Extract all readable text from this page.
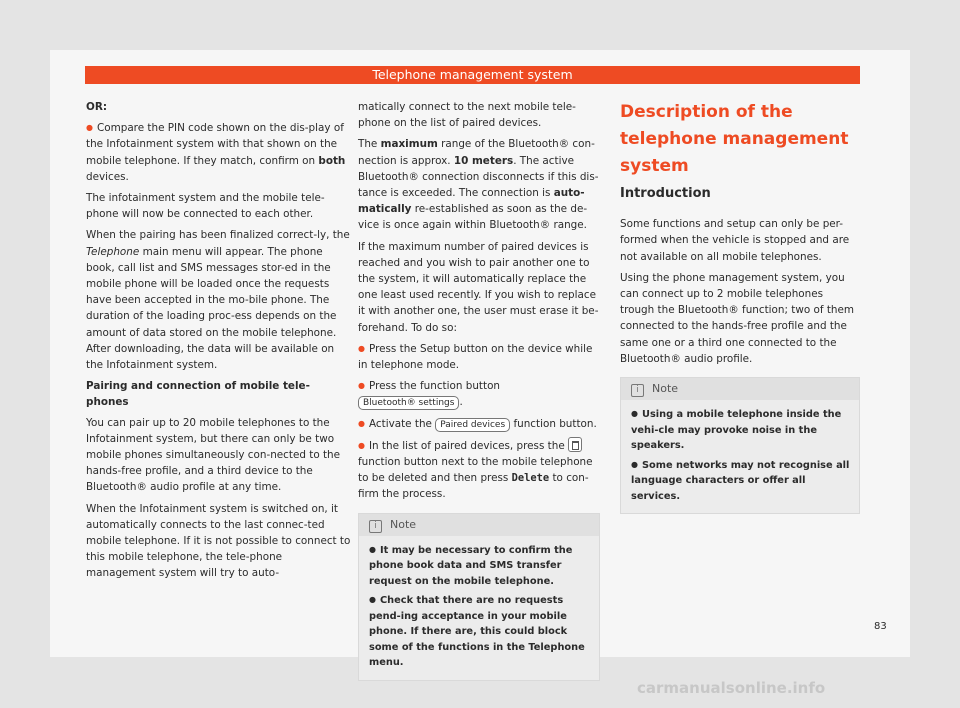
Telephone management system

OR:

● Compare the PIN code shown on the dis-play of the Infotainment system with that shown on the mobile telephone. If they match, confirm on both devices.

The infotainment system and the mobile tele-phone will now be connected to each other.

When the pairing has been finalized correct-ly, the Telephone main menu will appear. The phone book, call list and SMS messages stor-ed in the mobile phone will be loaded once the requests have been accepted in the mo-bile phone. The duration of the loading proc-ess depends on the amount of data stored on the mobile telephone. After downloading, the data will be available on the Infotainment system.

Pairing and connection of mobile tele-phones

You can pair up to 20 mobile telephones to the Infotainment system, but there can only be two mobile phones simultaneously con-nected to the hands-free profile, and a third device to the Bluetooth® audio profile at any time.

When the Infotainment system is switched on, it automatically connects to the last connec-ted mobile telephone. If it is not possible to connect to this mobile telephone, the tele-phone management system will try to auto-

matically connect to the next mobile tele-phone on the list of paired devices.

The maximum range of the Bluetooth® con-nection is approx. 10 meters. The active Bluetooth® connection disconnects if this dis-tance is exceeded. The connection is auto-matically re-established as soon as the de-vice is once again within Bluetooth® range.

If the maximum number of paired devices is reached and you wish to pair another one to the system, it will automatically replace the one least used recently. If you wish to replace it with another one, the user must erase it be-forehand. To do so:

● Press the Setup button on the device while in telephone mode.

● Press the function button Bluetooth® settings .

● Activate the Paired devices function button.

● In the list of paired devices, press the  function button next to the mobile telephone to be deleted and then press Delete to con-firm the process.

i Note

● It may be necessary to confirm the phone book data and SMS transfer request on the mobile telephone.

● Check that there are no requests pend-ing acceptance in your mobile phone. If there are, this could block some of the functions in the Telephone menu.

Description of the telephone management system

Introduction

Some functions and setup can only be per-formed when the vehicle is stopped and are not available on all mobile telephones.

Using the phone management system, you can connect up to 2 mobile telephones trough the Bluetooth® function; two of them connected to the hands-free profile and the same one or a third one connected to the Bluetooth® audio profile.

i Note

● Using a mobile telephone inside the vehi-cle may provoke noise in the speakers.

● Some networks may not recognise all language characters or offer all services.

83
carmanualsonline.info
